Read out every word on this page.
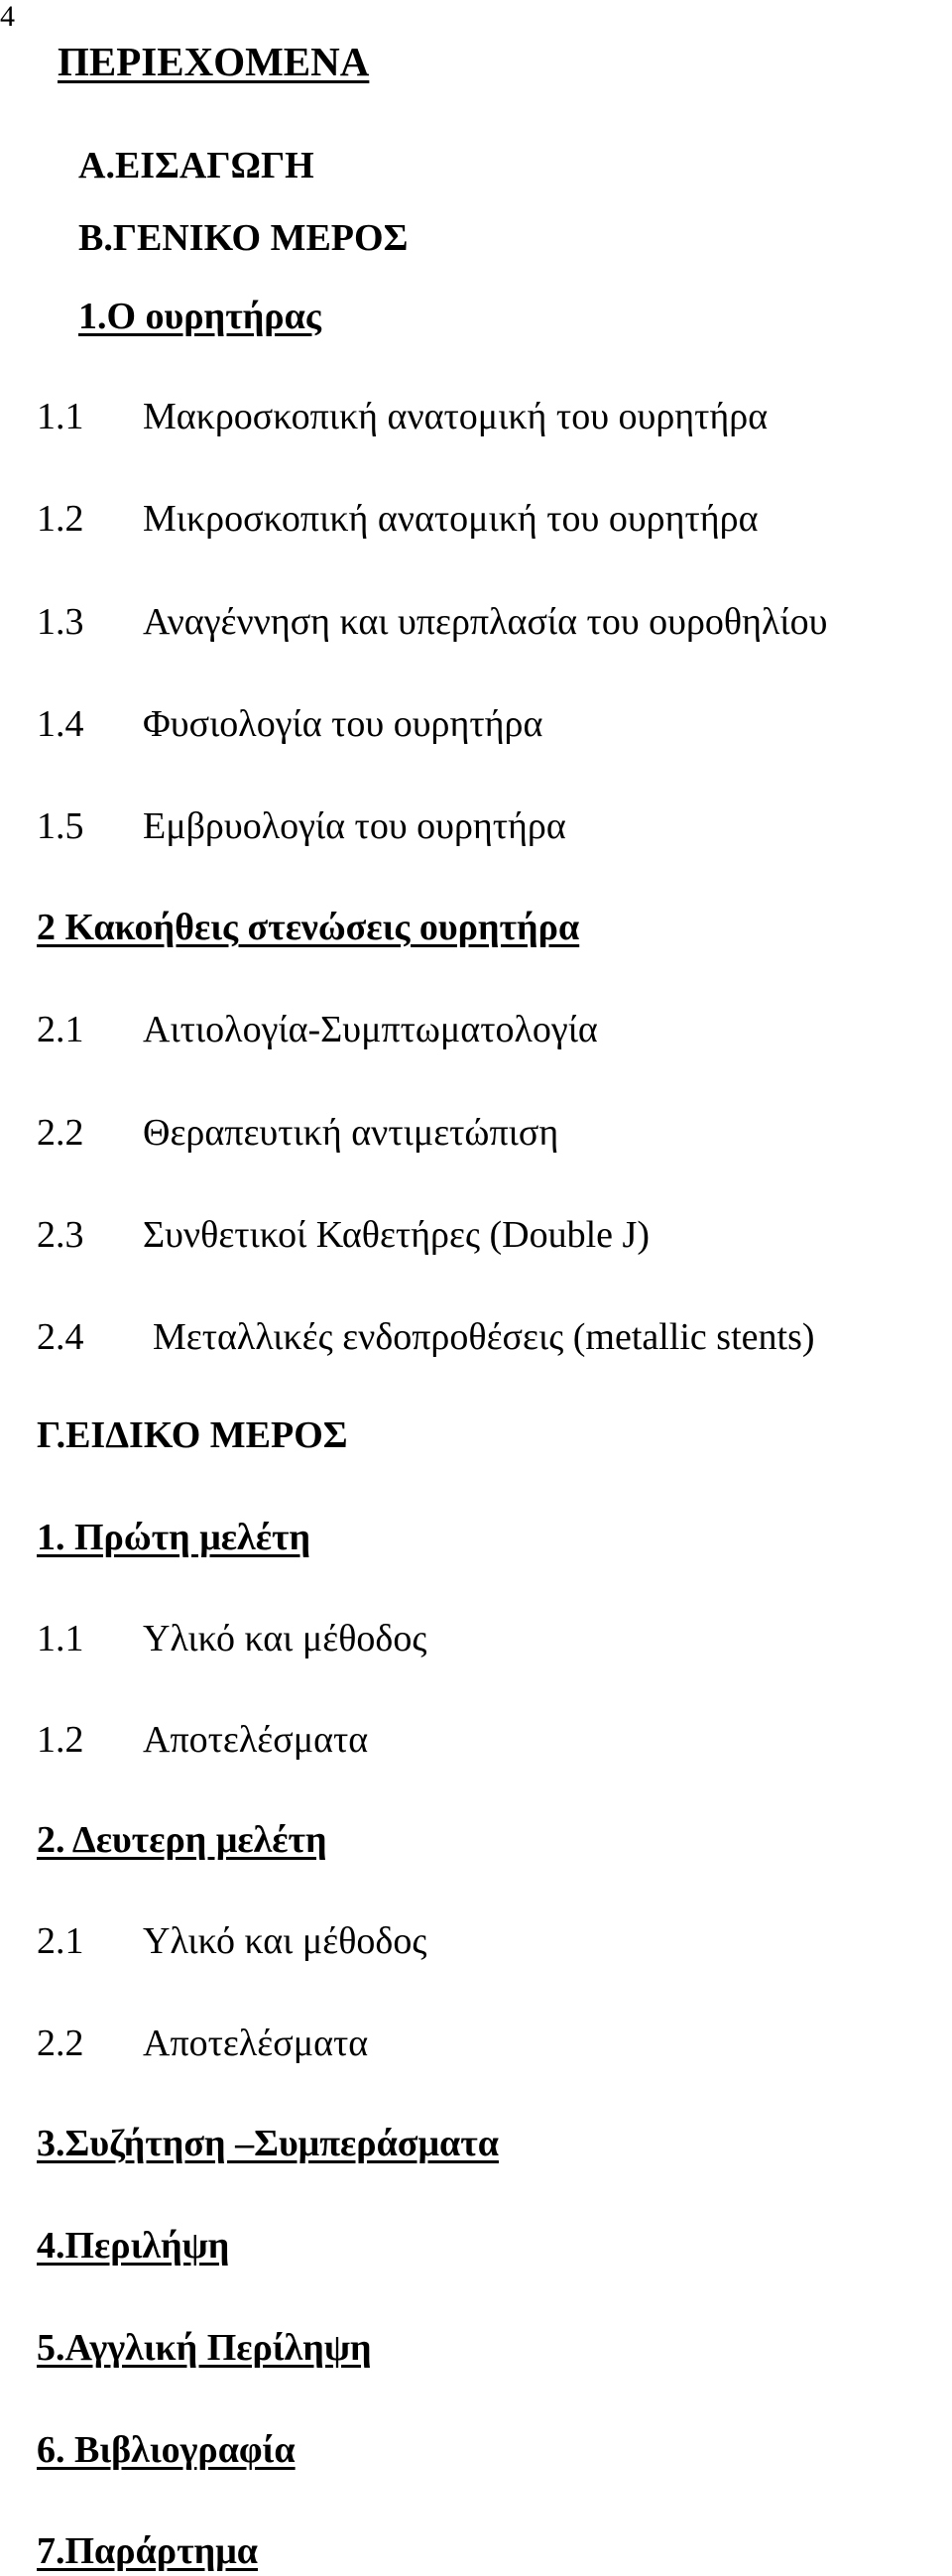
4
ΠΕΡΙΕΧΟΜΕΝΑ
Α.ΕΙΣΑΓΩΓΗ
Β.ΓΕΝΙΚΟ ΜΕΡΟΣ
1.Ο ουρητήρας
1.1 Μακροσκοπική ανατομική του ουρητήρα
1.2 Μικροσκοπική ανατομική του ουρητήρα
1.3 Αναγέννηση και υπερπλασία του ουροθηλίου
1.4 Φυσιολογία του ουρητήρα
1.5 Εμβρυολογία του ουρητήρα
2 Κακοήθεις στενώσεις ουρητήρα
2.1 Αιτιολογία-Συμπτωματολογία
2.2 Θεραπευτική αντιμετώπιση
2.3 Συνθετικοί Καθετήρες (Double J)
2.4 Μεταλλικές ενδοπροθέσεις (metallic stents)
Γ.ΕΙΔΙΚΟ ΜΕΡΟΣ
1. Πρώτη μελέτη
1.1 Υλικό και μέθοδος
1.2 Αποτελέσματα
2. Δευτερη μελέτη
2.1 Υλικό και μέθοδος
2.2 Αποτελέσματα
3.Συζήτηση –Συμπεράσματα
4.Περιλήψη
5.Αγγλική Περίληψη
6. Βιβλιογραφία
7.Παράρτημα
